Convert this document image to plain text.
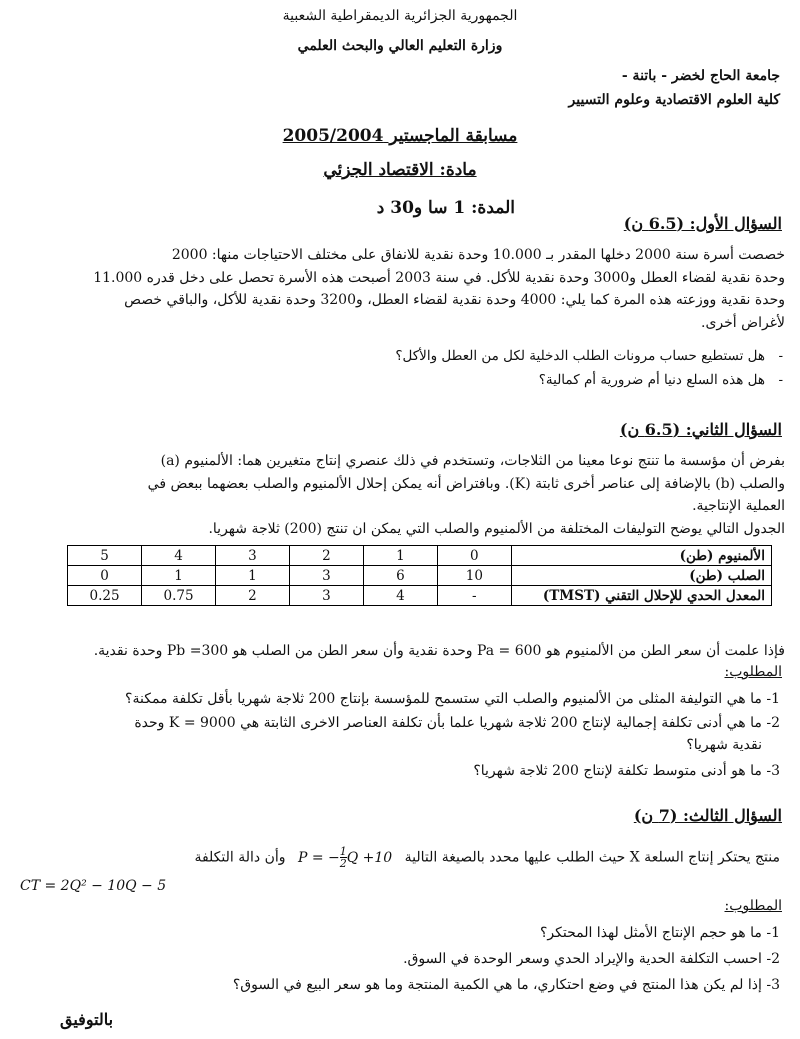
الجمهورية الجزائرية الديمقراطية الشعبية
وزارة التعليم العالي والبحث العلمي
جامعة الحاج لخضر - باتنة -
كلية العلوم الاقتصادية وعلوم التسيير
مسابقة الماجستير 2005/2004
مادة: الاقتصاد الجزئي
المدة: 1 سا و30 د
السؤال الأول: (6.5 ن)
خصصت أسرة سنة 2000 دخلها المقدر بـ 10.000 وحدة نقدية للانفاق على مختلف الاحتياجات منها: 2000
وحدة نقدية لقضاء العطل و3000 وحدة نقدية للأكل. في سنة 2003 أصبحت هذه الأسرة تحصل على دخل قدره 11.000
وحدة نقدية ووزعته هذه المرة كما يلي: 4000 وحدة نقدية لقضاء العطل، و3200 وحدة نقدية للأكل، والباقي خصص
لأغراض أخرى.
- هل تستطيع حساب مرونات الطلب الدخلية لكل من العطل والأكل؟
- هل هذه السلع دنيا أم ضرورية أم كمالية؟
السؤال الثاني: (6.5 ن)
بفرض أن مؤسسة ما تنتج نوعا معينا من الثلاجات، وتستخدم في ذلك عنصري إنتاج متغيرين هما: الألمنيوم (a)
والصلب (b) بالإضافة إلى عناصر أخرى ثابتة (K). وبافتراض أنه يمكن إحلال الألمنيوم والصلب بعضهما ببعض في
العملية الإنتاجية.
الجدول التالي يوضح التوليفات المختلفة من الألمنيوم والصلب التي يمكن ان تنتج (200) ثلاجة شهريا.
الألمنيوم (طن)	0	1	2	3	4	5
الصلب (طن)	10	6	3	1	1	0
المعدل الحدي للإحلال التقني (TMST)	-	4	3	2	0.75	0.25
فإذا علمت أن سعر الطن من الألمنيوم هو Pa = 600 وحدة نقدية وأن سعر الطن من الصلب هو Pb =300 وحدة نقدية.
المطلوب:
1- ما هي التوليفة المثلى من الألمنيوم والصلب التي ستسمح للمؤسسة بإنتاج 200 ثلاجة شهريا بأقل تكلفة ممكنة؟
2- ما هي أدنى تكلفة إجمالية لإنتاج 200 ثلاجة شهريا علما بأن تكلفة العناصر الاخرى الثابتة هي K = 9000 وحدة
نقدية شهريا؟
3- ما هو أدنى متوسط تكلفة لإنتاج 200 ثلاجة شهريا؟
السؤال الثالث: (7 ن)
منتج يحتكر إنتاج السلعة X حيث الطلب عليها محدد بالصيغة التالية P = − $\frac{1}{2}$ Q +10 وأن دالة التكلفة
CT = 2Q² − 10Q − 5
المطلوب:
1- ما هو حجم الإنتاج الأمثل لهذا المحتكر؟
2- احسب التكلفة الحدية والإيراد الحدي وسعر الوحدة في السوق.
3- إذا لم يكن هذا المنتج في وضع احتكاري، ما هي الكمية المنتجة وما هو سعر البيع في السوق؟
بالتوفيق
